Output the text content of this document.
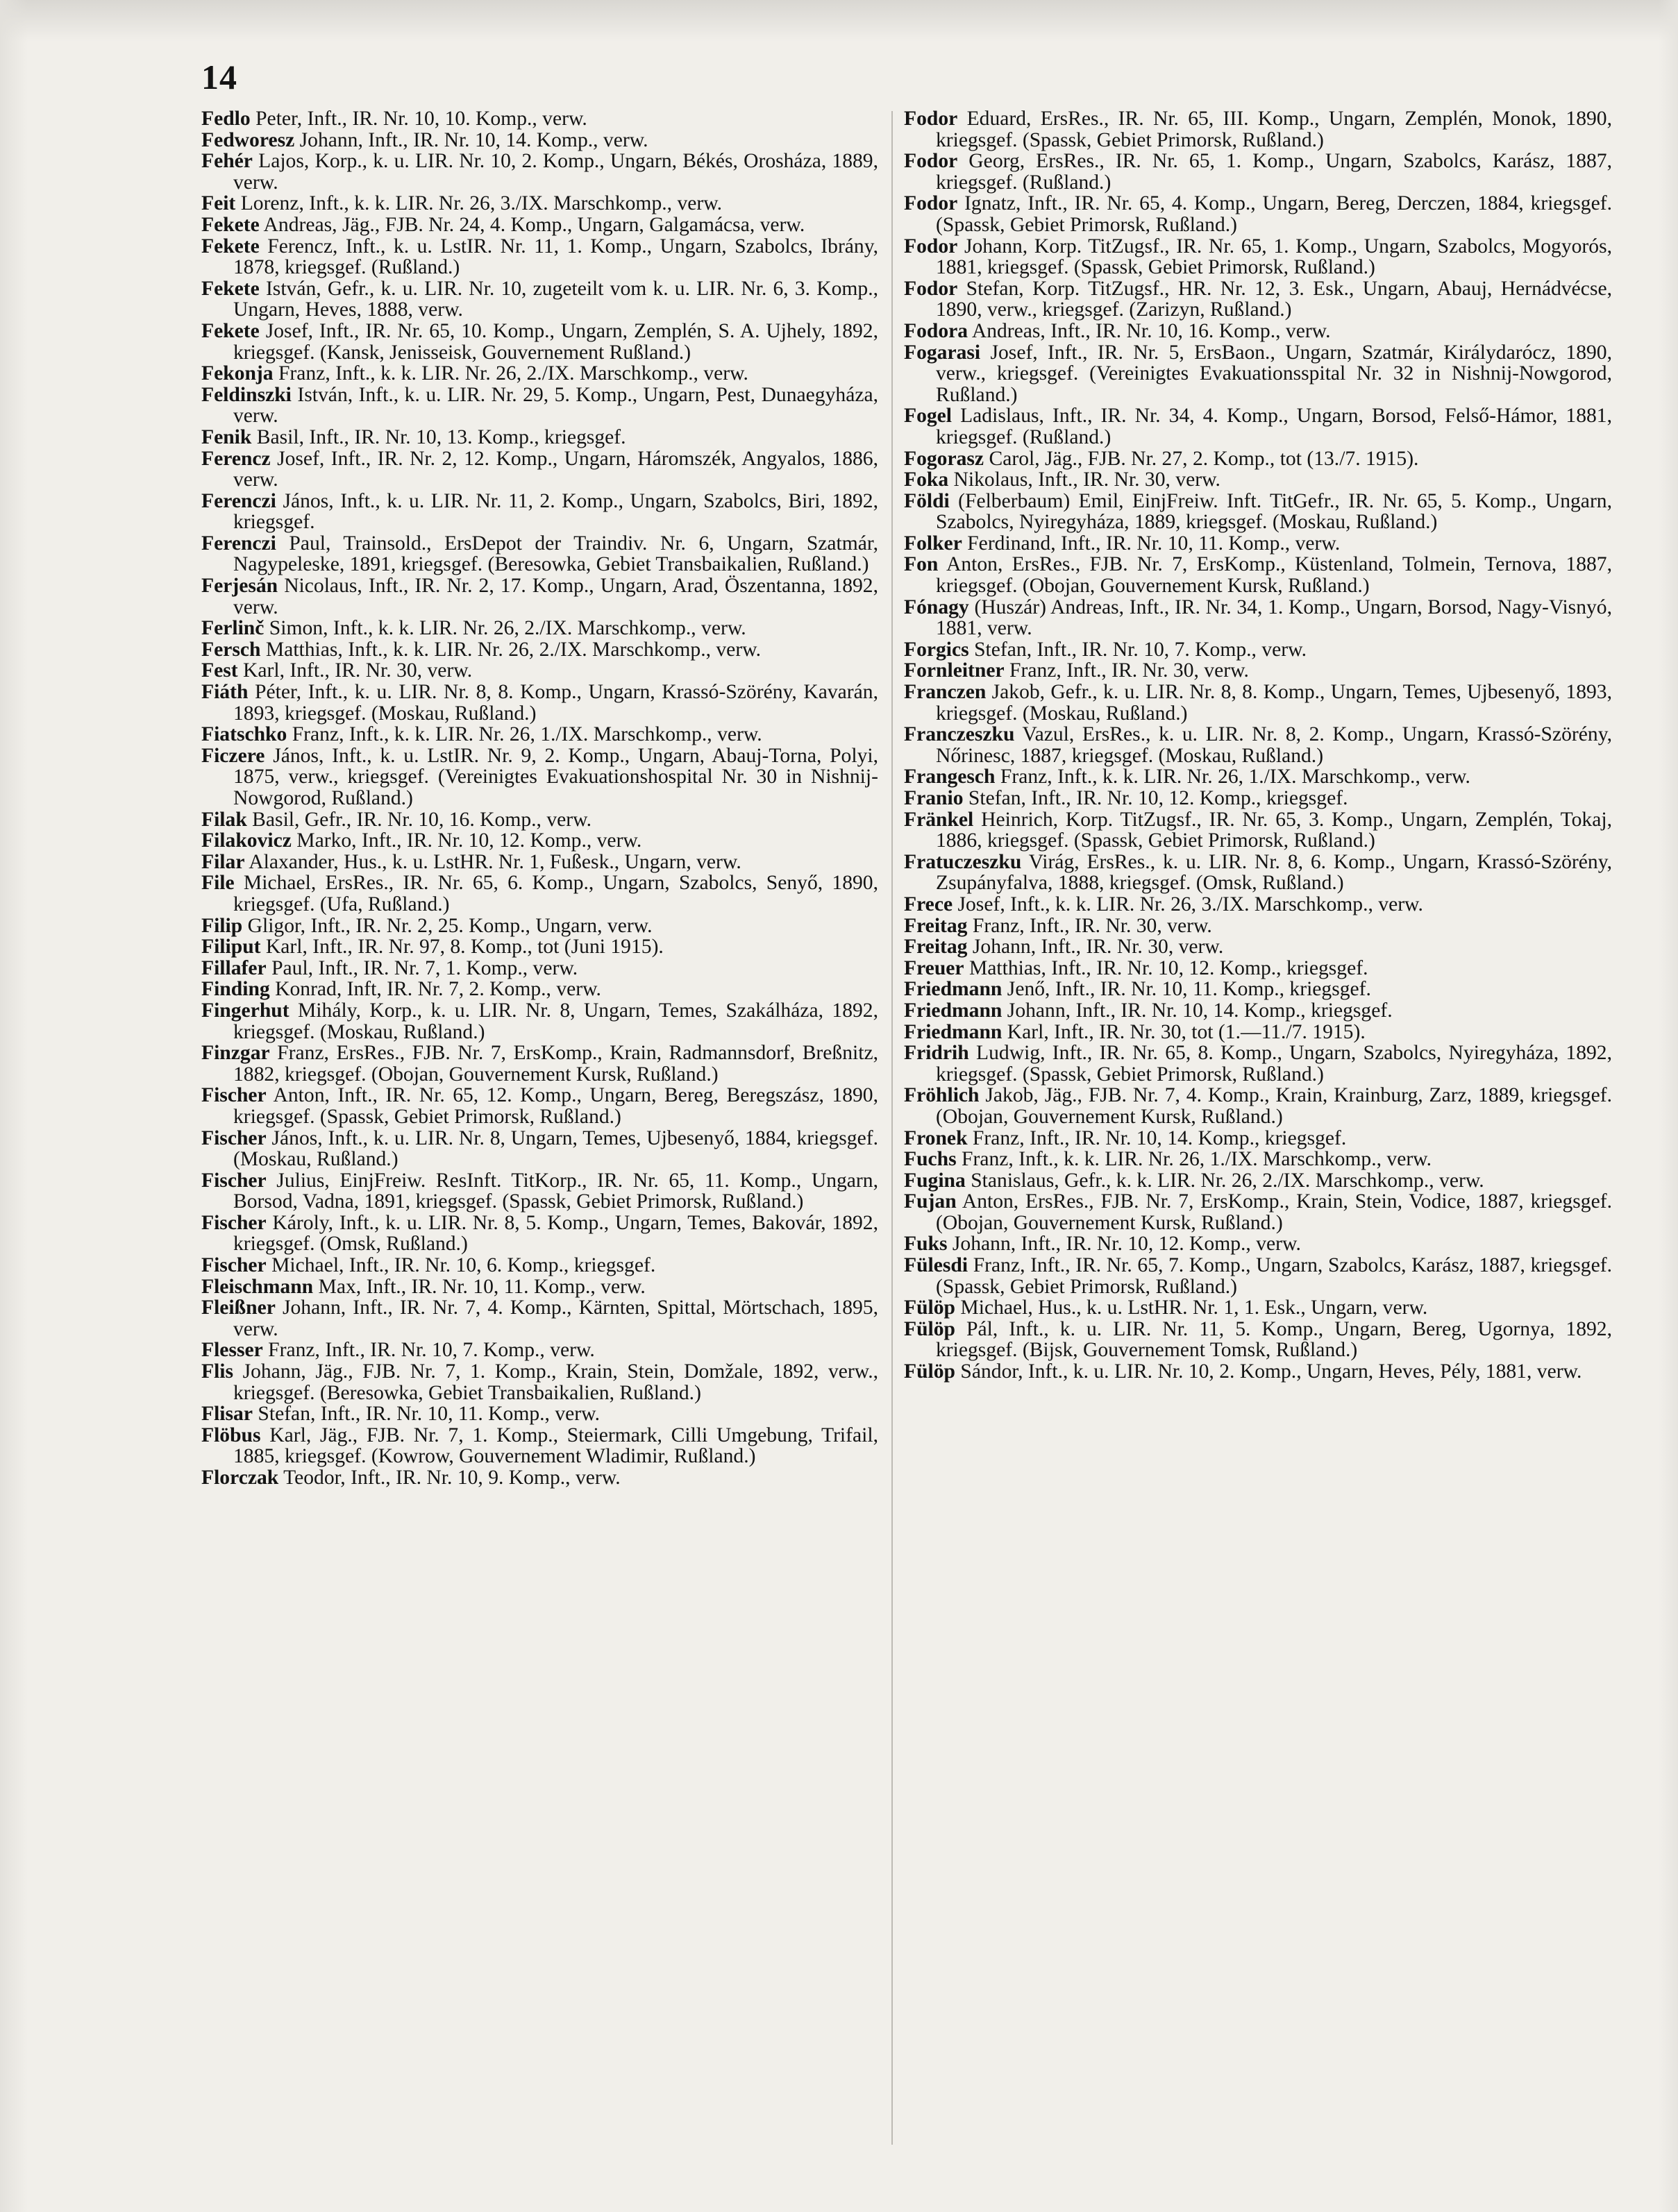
14
Fedlo Peter, Inft., IR. Nr. 10, 10. Komp., verw.
Fedworesz Johann, Inft., IR. Nr. 10, 14. Komp., verw.
Fehér Lajos, Korp., k. u. LIR. Nr. 10, 2. Komp., Ungarn, Békés, Orosháza, 1889, verw.
Feit Lorenz, Inft., k. k. LIR. Nr. 26, 3./IX. Marschkomp., verw.
Fekete Andreas, Jäg., FJB. Nr. 24, 4. Komp., Ungarn, Galgamácsa, verw.
Fekete Ferencz, Inft., k. u. LstIR. Nr. 11, 1. Komp., Ungarn, Szabolcs, Ibrány, 1878, kriegsgef. (Rußland.)
Fekete István, Gefr., k. u. LIR. Nr. 10, zugeteilt vom k. u. LIR. Nr. 6, 3. Komp., Ungarn, Heves, 1888, verw.
Fekete Josef, Inft., IR. Nr. 65, 10. Komp., Ungarn, Zemplén, S. A. Ujhely, 1892, kriegsgef. (Kansk, Jenisseisk, Gouvernement Rußland.)
Fekonja Franz, Inft., k. k. LIR. Nr. 26, 2./IX. Marschkomp., verw.
Feldinszki István, Inft., k. u. LIR. Nr. 29, 5. Komp., Ungarn, Pest, Dunaegyháza, verw.
Fenik Basil, Inft., IR. Nr. 10, 13. Komp., kriegsgef.
Ferencz Josef, Inft., IR. Nr. 2, 12. Komp., Ungarn, Háromszék, Angyalos, 1886, verw.
Ferenczi János, Inft., k. u. LIR. Nr. 11, 2. Komp., Ungarn, Szabolcs, Biri, 1892, kriegsgef.
Ferenczi Paul, Trainsold., ErsDepot der Traindiv. Nr. 6, Ungarn, Szatmár, Nagypeleske, 1891, kriegsgef. (Beresowka, Gebiet Transbaikalien, Rußland.)
Ferjesán Nicolaus, Inft., IR. Nr. 2, 17. Komp., Ungarn, Arad, Öszentanna, 1892, verw.
Ferlinč Simon, Inft., k. k. LIR. Nr. 26, 2./IX. Marschkomp., verw.
Fersch Matthias, Inft., k. k. LIR. Nr. 26, 2./IX. Marschkomp., verw.
Fest Karl, Inft., IR. Nr. 30, verw.
Fiáth Péter, Inft., k. u. LIR. Nr. 8, 8. Komp., Ungarn, Krassó-Szörény, Kavarán, 1893, kriegsgef. (Moskau, Rußland.)
Fiatschko Franz, Inft., k. k. LIR. Nr. 26, 1./IX. Marschkomp., verw.
Ficzere János, Inft., k. u. LstIR. Nr. 9, 2. Komp., Ungarn, Abauj-Torna, Polyi, 1875, verw., kriegsgef. (Vereinigtes Evakuationshospital Nr. 30 in Nishnij-Nowgorod, Rußland.)
Filak Basil, Gefr., IR. Nr. 10, 16. Komp., verw.
Filakovicz Marko, Inft., IR. Nr. 10, 12. Komp., verw.
Filar Alaxander, Hus., k. u. LstHR. Nr. 1, Fußesk., Ungarn, verw.
File Michael, ErsRes., IR. Nr. 65, 6. Komp., Ungarn, Szabolcs, Senyő, 1890, kriegsgef. (Ufa, Rußland.)
Filip Gligor, Inft., IR. Nr. 2, 25. Komp., Ungarn, verw.
Filiput Karl, Inft., IR. Nr. 97, 8. Komp., tot (Juni 1915).
Fillafer Paul, Inft., IR. Nr. 7, 1. Komp., verw.
Finding Konrad, Inft, IR. Nr. 7, 2. Komp., verw.
Fingerhut Mihály, Korp., k. u. LIR. Nr. 8, Ungarn, Temes, Szakálháza, 1892, kriegsgef. (Moskau, Rußland.)
Finzgar Franz, ErsRes., FJB. Nr. 7, ErsKomp., Krain, Radmannsdorf, Breßnitz, 1882, kriegsgef. (Obojan, Gouvernement Kursk, Rußland.)
Fischer Anton, Inft., IR. Nr. 65, 12. Komp., Ungarn, Bereg, Beregszász, 1890, kriegsgef. (Spassk, Gebiet Primorsk, Rußland.)
Fischer János, Inft., k. u. LIR. Nr. 8, Ungarn, Temes, Ujbesenyő, 1884, kriegsgef. (Moskau, Rußland.)
Fischer Julius, EinjFreiw. ResInft. TitKorp., IR. Nr. 65, 11. Komp., Ungarn, Borsod, Vadna, 1891, kriegsgef. (Spassk, Gebiet Primorsk, Rußland.)
Fischer Károly, Inft., k. u. LIR. Nr. 8, 5. Komp., Ungarn, Temes, Bakovár, 1892, kriegsgef. (Omsk, Rußland.)
Fischer Michael, Inft., IR. Nr. 10, 6. Komp., kriegsgef.
Fleischmann Max, Inft., IR. Nr. 10, 11. Komp., verw.
Fleißner Johann, Inft., IR. Nr. 7, 4. Komp., Kärnten, Spittal, Mörtschach, 1895, verw.
Flesser Franz, Inft., IR. Nr. 10, 7. Komp., verw.
Flis Johann, Jäg., FJB. Nr. 7, 1. Komp., Krain, Stein, Domžale, 1892, verw., kriegsgef. (Beresowka, Gebiet Transbaikalien, Rußland.)
Flisar Stefan, Inft., IR. Nr. 10, 11. Komp., verw.
Flöbus Karl, Jäg., FJB. Nr. 7, 1. Komp., Steiermark, Cilli Umgebung, Trifail, 1885, kriegsgef. (Kowrow, Gouvernement Wladimir, Rußland.)
Florczak Teodor, Inft., IR. Nr. 10, 9. Komp., verw.
Fodor Eduard, ErsRes., IR. Nr. 65, III. Komp., Ungarn, Zemplén, Monok, 1890, kriegsgef. (Spassk, Gebiet Primorsk, Rußland.)
Fodor Georg, ErsRes., IR. Nr. 65, 1. Komp., Ungarn, Szabolcs, Karász, 1887, kriegsgef. (Rußland.)
Fodor Ignatz, Inft., IR. Nr. 65, 4. Komp., Ungarn, Bereg, Derczen, 1884, kriegsgef. (Spassk, Gebiet Primorsk, Rußland.)
Fodor Johann, Korp. TitZugsf., IR. Nr. 65, 1. Komp., Ungarn, Szabolcs, Mogyorós, 1881, kriegsgef. (Spassk, Gebiet Primorsk, Rußland.)
Fodor Stefan, Korp. TitZugsf., HR. Nr. 12, 3. Esk., Ungarn, Abauj, Hernádvécse, 1890, verw., kriegsgef. (Zarizyn, Rußland.)
Fodora Andreas, Inft., IR. Nr. 10, 16. Komp., verw.
Fogarasi Josef, Inft., IR. Nr. 5, ErsBaon., Ungarn, Szatmár, Királydarócz, 1890, verw., kriegsgef. (Vereinigtes Evakuationsspital Nr. 32 in Nishnij-Nowgorod, Rußland.)
Fogel Ladislaus, Inft., IR. Nr. 34, 4. Komp., Ungarn, Borsod, Felső-Hámor, 1881, kriegsgef. (Rußland.)
Fogorasz Carol, Jäg., FJB. Nr. 27, 2. Komp., tot (13./7. 1915).
Foka Nikolaus, Inft., IR. Nr. 30, verw.
Földi (Felberbaum) Emil, EinjFreiw. Inft. TitGefr., IR. Nr. 65, 5. Komp., Ungarn, Szabolcs, Nyiregyháza, 1889, kriegsgef. (Moskau, Rußland.)
Folker Ferdinand, Inft., IR. Nr. 10, 11. Komp., verw.
Fon Anton, ErsRes., FJB. Nr. 7, ErsKomp., Küstenland, Tolmein, Ternova, 1887, kriegsgef. (Obojan, Gouvernement Kursk, Rußland.)
Fónagy (Huszár) Andreas, Inft., IR. Nr. 34, 1. Komp., Ungarn, Borsod, Nagy-Visnyó, 1881, verw.
Forgics Stefan, Inft., IR. Nr. 10, 7. Komp., verw.
Fornleitner Franz, Inft., IR. Nr. 30, verw.
Franczen Jakob, Gefr., k. u. LIR. Nr. 8, 8. Komp., Ungarn, Temes, Ujbesenyő, 1893, kriegsgef. (Moskau, Rußland.)
Franczeszku Vazul, ErsRes., k. u. LIR. Nr. 8, 2. Komp., Ungarn, Krassó-Szörény, Nőrinesc, 1887, kriegsgef. (Moskau, Rußland.)
Frangesch Franz, Inft., k. k. LIR. Nr. 26, 1./IX. Marschkomp., verw.
Franio Stefan, Inft., IR. Nr. 10, 12. Komp., kriegsgef.
Fränkel Heinrich, Korp. TitZugsf., IR. Nr. 65, 3. Komp., Ungarn, Zemplén, Tokaj, 1886, kriegsgef. (Spassk, Gebiet Primorsk, Rußland.)
Fratuczeszku Virág, ErsRes., k. u. LIR. Nr. 8, 6. Komp., Ungarn, Krassó-Szörény, Zsupányfalva, 1888, kriegsgef. (Omsk, Rußland.)
Frece Josef, Inft., k. k. LIR. Nr. 26, 3./IX. Marschkomp., verw.
Freitag Franz, Inft., IR. Nr. 30, verw.
Freitag Johann, Inft., IR. Nr. 30, verw.
Freuer Matthias, Inft., IR. Nr. 10, 12. Komp., kriegsgef.
Friedmann Jenő, Inft., IR. Nr. 10, 11. Komp., kriegsgef.
Friedmann Johann, Inft., IR. Nr. 10, 14. Komp., kriegsgef.
Friedmann Karl, Inft., IR. Nr. 30, tot (1.—11./7. 1915).
Fridrih Ludwig, Inft., IR. Nr. 65, 8. Komp., Ungarn, Szabolcs, Nyiregyháza, 1892, kriegsgef. (Spassk, Gebiet Primorsk, Rußland.)
Fröhlich Jakob, Jäg., FJB. Nr. 7, 4. Komp., Krain, Krainburg, Zarz, 1889, kriegsgef. (Obojan, Gouvernement Kursk, Rußland.)
Fronek Franz, Inft., IR. Nr. 10, 14. Komp., kriegsgef.
Fuchs Franz, Inft., k. k. LIR. Nr. 26, 1./IX. Marschkomp., verw.
Fugina Stanislaus, Gefr., k. k. LIR. Nr. 26, 2./IX. Marschkomp., verw.
Fujan Anton, ErsRes., FJB. Nr. 7, ErsKomp., Krain, Stein, Vodice, 1887, kriegsgef. (Obojan, Gouvernement Kursk, Rußland.)
Fuks Johann, Inft., IR. Nr. 10, 12. Komp., verw.
Fülesdi Franz, Inft., IR. Nr. 65, 7. Komp., Ungarn, Szabolcs, Karász, 1887, kriegsgef. (Spassk, Gebiet Primorsk, Rußland.)
Fülöp Michael, Hus., k. u. LstHR. Nr. 1, 1. Esk., Ungarn, verw.
Fülöp Pál, Inft., k. u. LIR. Nr. 11, 5. Komp., Ungarn, Bereg, Ugornya, 1892, kriegsgef. (Bijsk, Gouvernement Tomsk, Rußland.)
Fülöp Sándor, Inft., k. u. LIR. Nr. 10, 2. Komp., Ungarn, Heves, Pély, 1881, verw.
